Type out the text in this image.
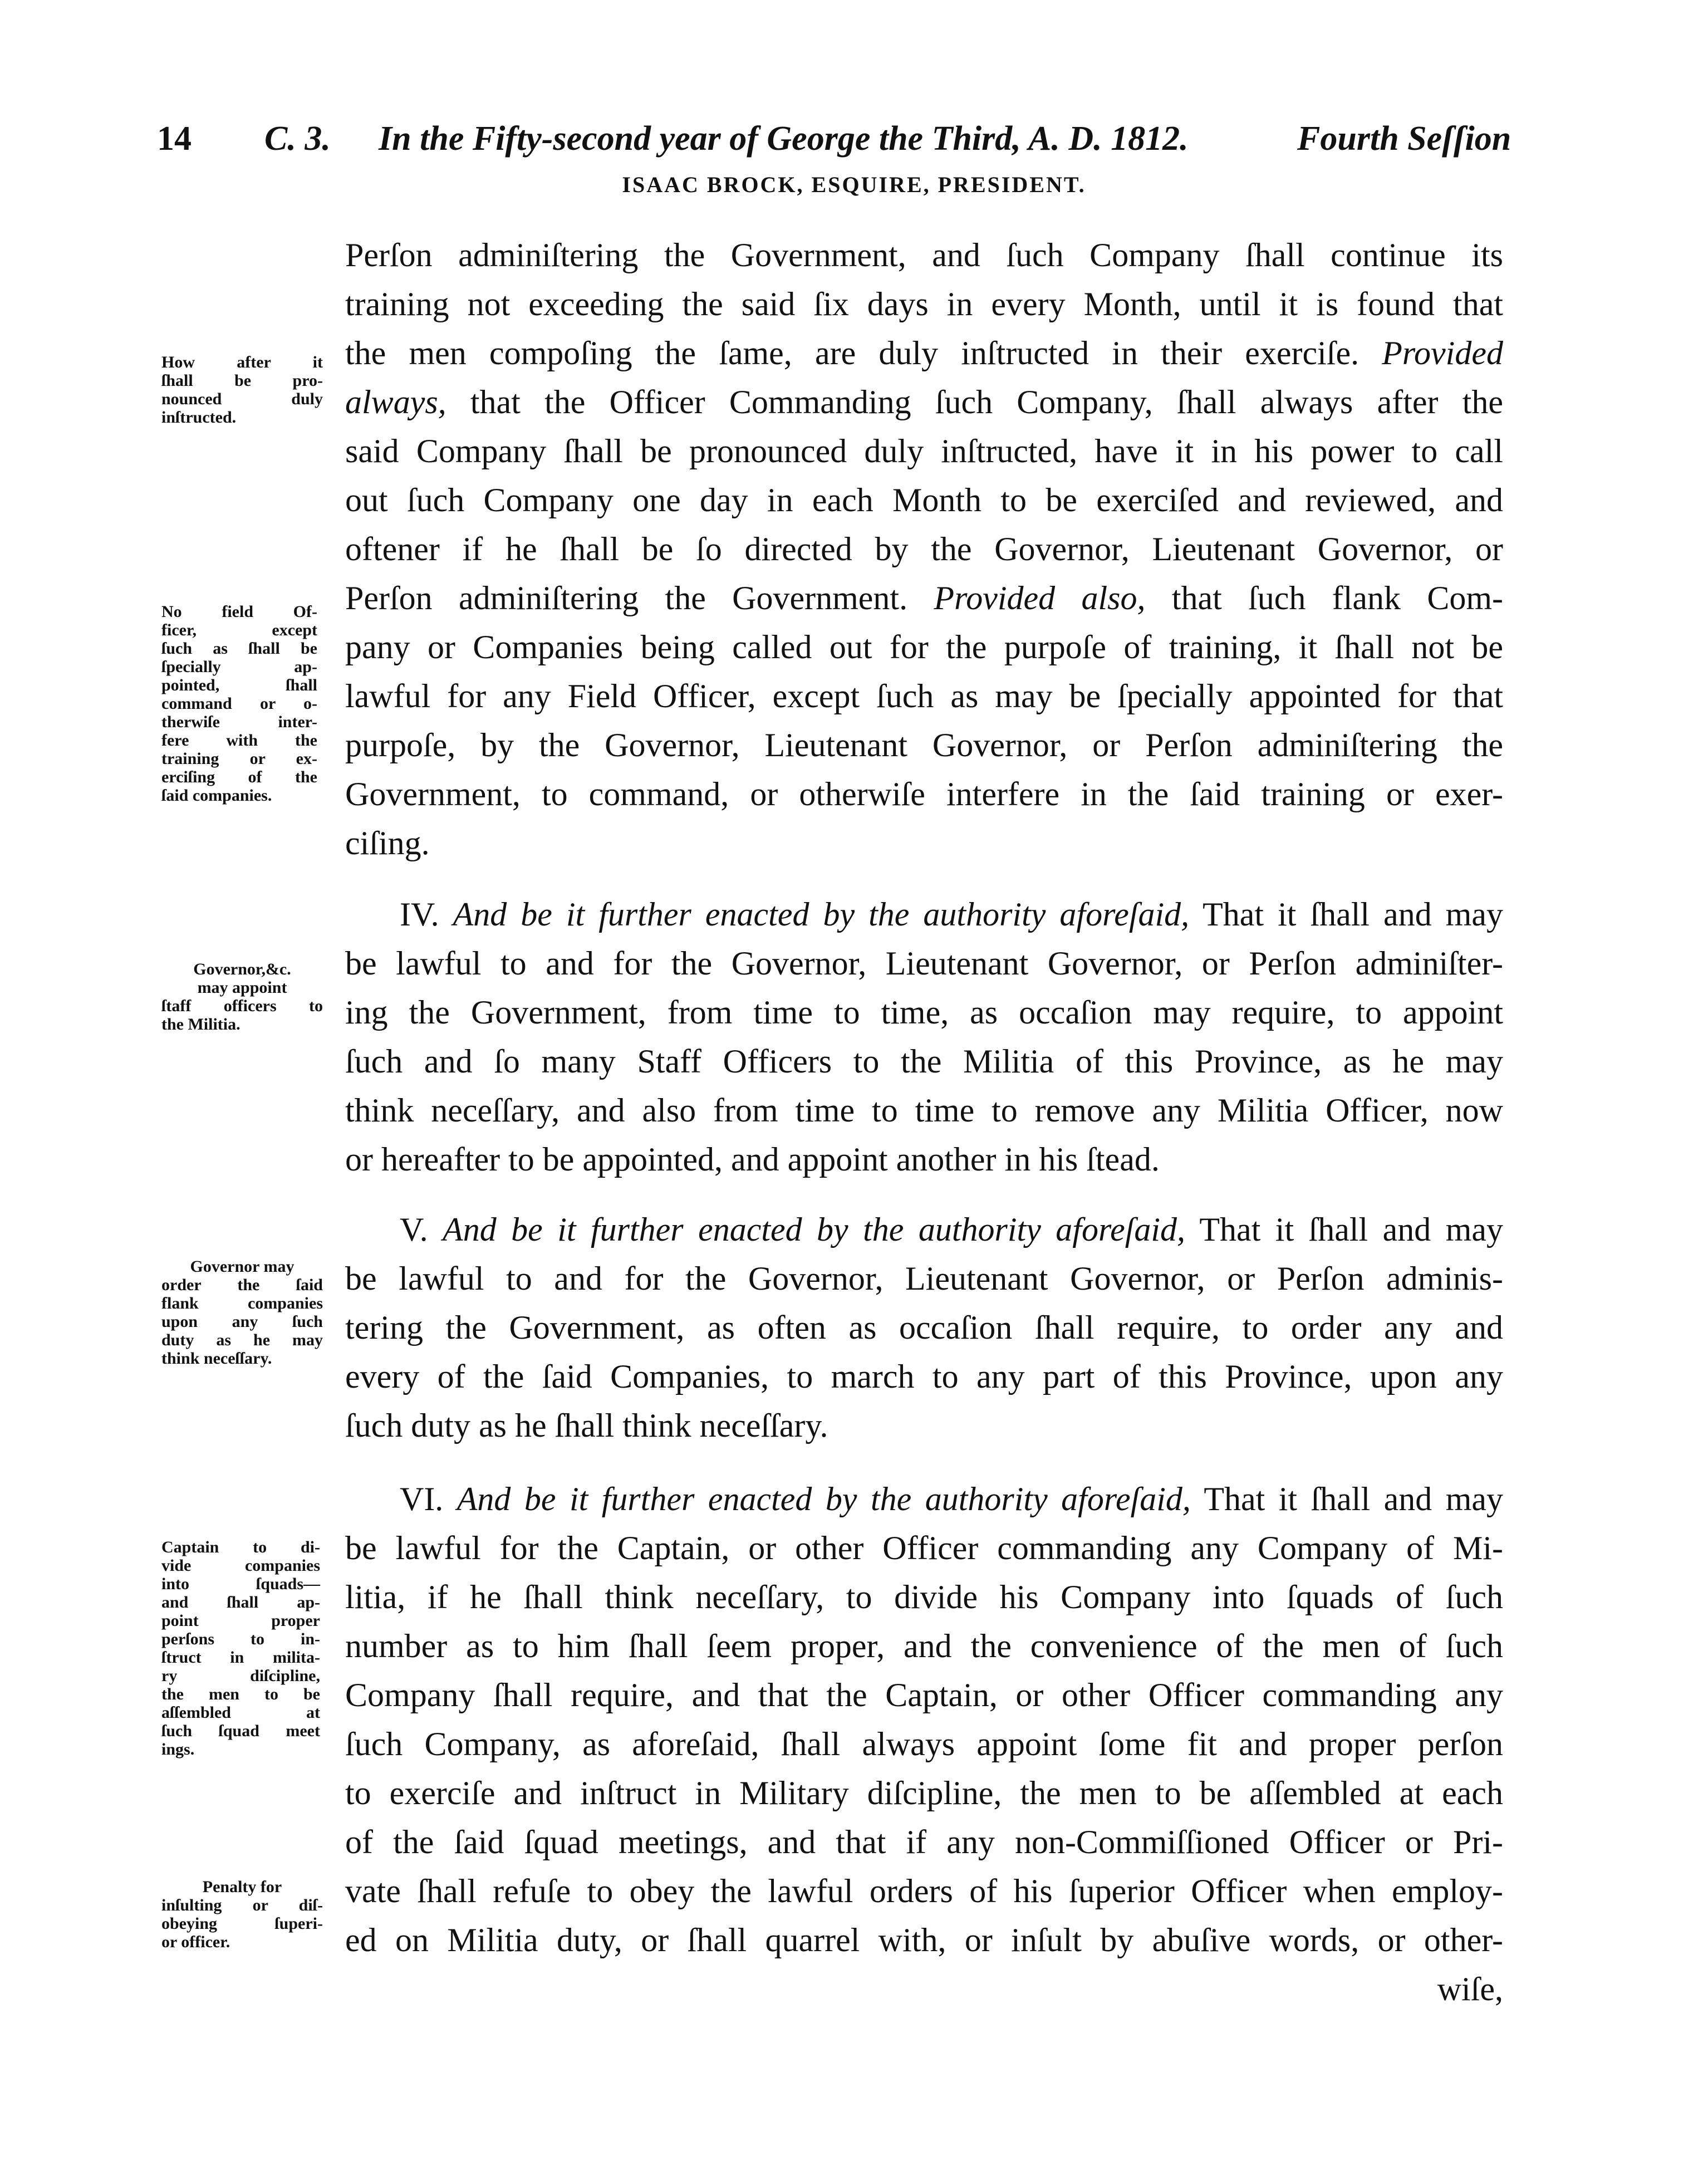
14 C. 3. In the Fifty-second year of George the Third, A. D. 1812.	Fourth Seſſion
ISAAC BROCK, ESQUIRE, PRESIDENT.
Perſon adminiſtering the Government, and ſuch Company ſhall continue its
training not exceeding the said ſix days in every Month, until it is found that
the men compoſing the ſame, are duly inſtructed in their exerciſe. Provided
always, that the Officer Commanding ſuch Company, ſhall always after the
said Company ſhall be pronounced duly inſtructed, have it in his power to call
out ſuch Company one day in each Month to be exerciſed and reviewed, and
oftener if he ſhall be ſo directed by the Governor, Lieutenant Governor, or
Perſon adminiſtering the Government. Provided also, that ſuch flank Com-
pany or Companies being called out for the purpoſe of training, it ſhall not be
lawful for any Field Officer, except ſuch as may be ſpecially appointed for that
purpoſe, by the Governor, Lieutenant Governor, or Perſon adminiſtering the
Government, to command, or otherwiſe interfere in the ſaid training or exer-
ciſing.
IV. And be it further enacted by the authority aforeſaid, That it ſhall and may
be lawful to and for the Governor, Lieutenant Governor, or Perſon adminiſter-
ing the Government, from time to time, as occaſion may require, to appoint
ſuch and ſo many Staff Officers to the Militia of this Province, as he may
think neceſſary, and also from time to time to remove any Militia Officer, now
or hereafter to be appointed, and appoint another in his ſtead.
V. And be it further enacted by the authority aforeſaid, That it ſhall and may
be lawful to and for the Governor, Lieutenant Governor, or Perſon adminis-
tering the Government, as often as occaſion ſhall require, to order any and
every of the ſaid Companies, to march to any part of this Province, upon any
ſuch duty as he ſhall think neceſſary.
VI. And be it further enacted by the authority aforeſaid, That it ſhall and may
be lawful for the Captain, or other Officer commanding any Company of Mi-
litia, if he ſhall think neceſſary, to divide his Company into ſquads of ſuch
number as to him ſhall ſeem proper, and the convenience of the men of ſuch
Company ſhall require, and that the Captain, or other Officer commanding any
ſuch Company, as aforeſaid, ſhall always appoint ſome fit and proper perſon
to exerciſe and inſtruct in Military diſcipline, the men to be aſſembled at each
of the ſaid ſquad meetings, and that if any non-Commiſſioned Officer or Pri-
vate ſhall refuſe to obey the lawful orders of his ſuperior Officer when employ-
ed on Militia duty, or ſhall quarrel with, or inſult by abuſive words, or other-
wiſe,

How after it

ſhall be pro-

nounced duly

inſtructed.

No field Of-

ficer, except

ſuch as ſhall be

ſpecially ap-

pointed, ſhall

command or o-

therwiſe inter-

fere with the

training or ex-

erciſing of the

ſaid companies.

Governor,&c.

may appoint

ſtaff officers to

the Militia.

Governor may

order the ſaid

flank companies

upon any ſuch

duty as he may

think neceſſary.

Captain to di-

vide companies

into ſquads—

and ſhall ap-

point proper

perſons to in-

ſtruct in milita-

ry diſcipline,

the men to be

aſſembled at

ſuch ſquad meet

ings.

Penalty for

inſulting or diſ-

obeying ſuperi-

or officer.
